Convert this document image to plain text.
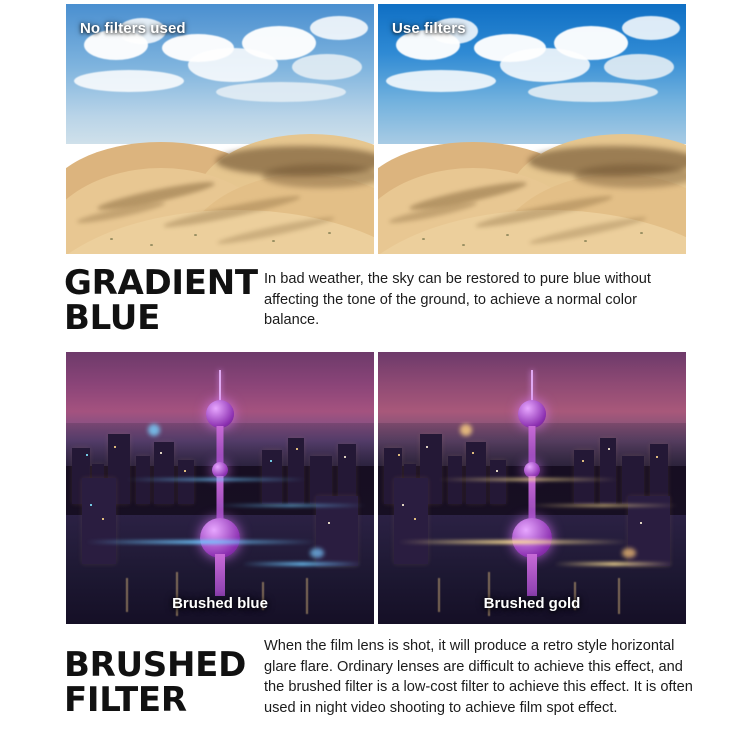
No filters used	Use filters
GRADIENT
BLUE
In bad weather, the sky can be restored to pure blue without affecting the tone of the ground, to achieve a normal color balance.
Brushed blue	Brushed gold
BRUSHED
FILTER
When the film lens is shot, it will produce a retro style horizontal glare flare. Ordinary lenses are difficult to achieve this effect, and the brushed filter is a low-cost filter to achieve this effect. It is often used in night video shooting to achieve film spot effect.
